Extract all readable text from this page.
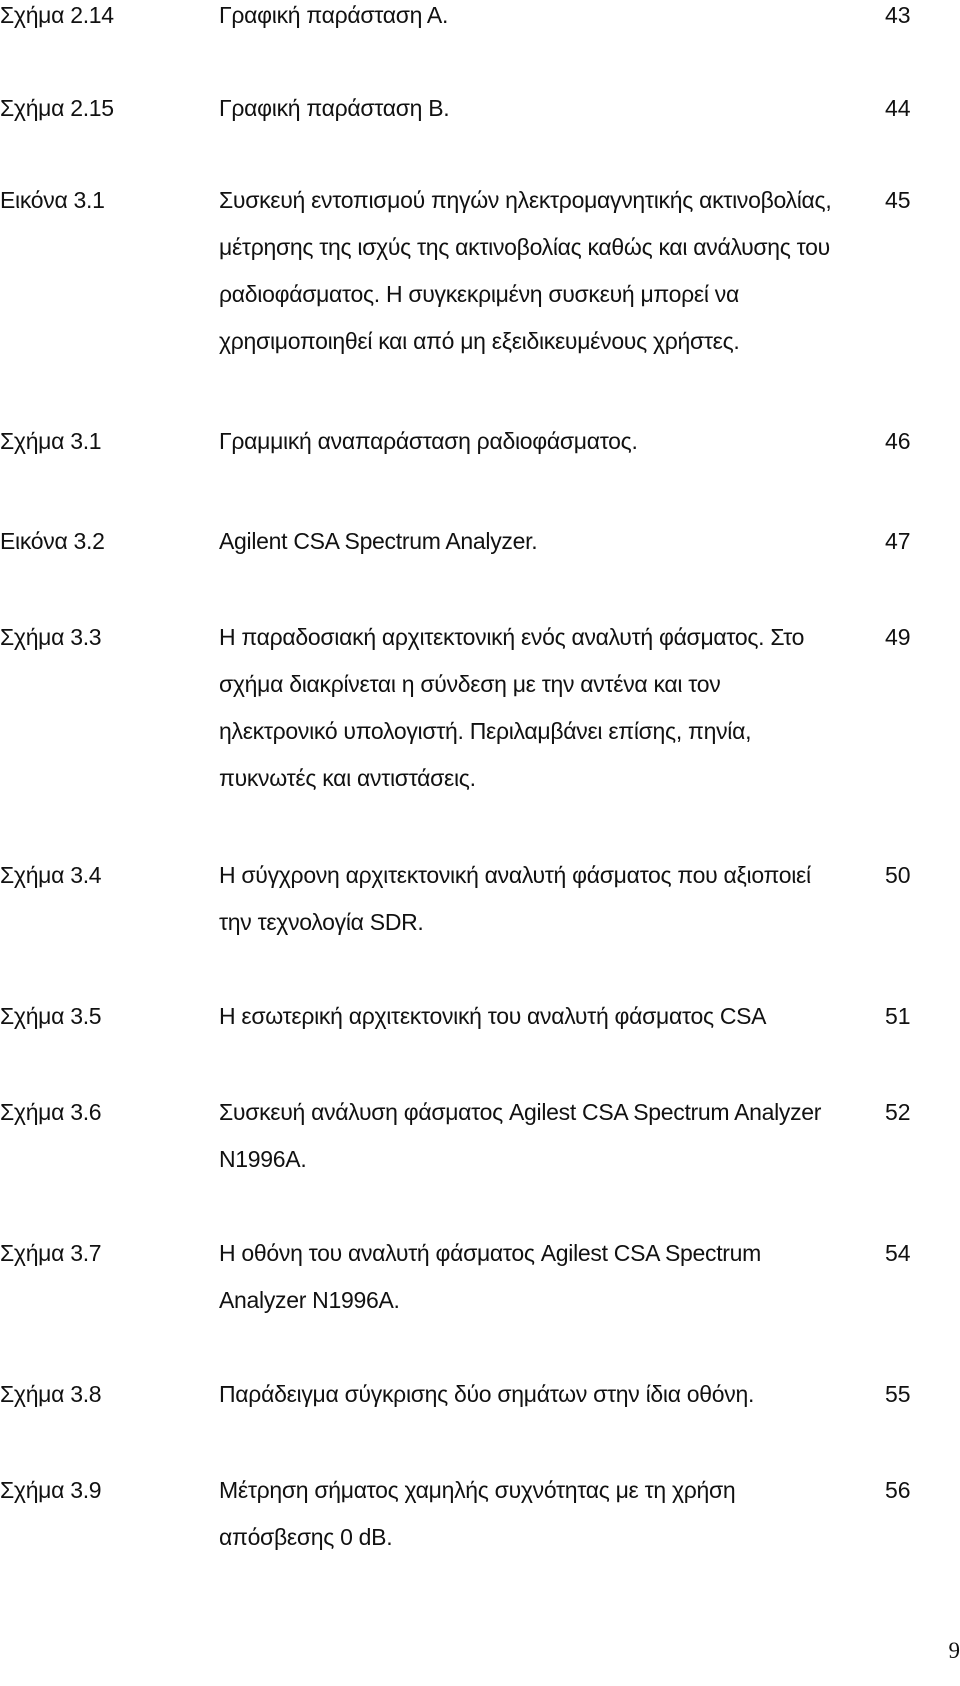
Σχήμα 2.14	Γραφική παράσταση Α.	43
Σχήμα 2.15	Γραφική παράσταση Β.	44
Εικόνα 3.1	Συσκευή εντοπισμού πηγών ηλεκτρομαγνητικής ακτινοβολίας,
μέτρησης της ισχύς της ακτινοβολίας καθώς και ανάλυσης του
ραδιοφάσματος. Η συγκεκριμένη συσκευή μπορεί να
χρησιμοποιηθεί και από μη εξειδικευμένους χρήστες.
45
Σχήμα 3.1	Γραμμική αναπαράσταση ραδιοφάσματος.	46
Εικόνα 3.2	Agilent CSA Spectrum Analyzer.	47
Σχήμα 3.3	Η παραδοσιακή αρχιτεκτονική ενός αναλυτή φάσματος. Στο
σχήμα διακρίνεται η σύνδεση με την αντένα και τον
ηλεκτρονικό υπολογιστή. Περιλαμβάνει επίσης, πηνία,
πυκνωτές και αντιστάσεις.
49
Σχήμα 3.4	Η σύγχρονη αρχιτεκτονική αναλυτή φάσματος που αξιοποιεί
την τεχνολογία SDR.
50
Σχήμα 3.5	Η εσωτερική αρχιτεκτονική του αναλυτή φάσματος CSA	51
Σχήμα 3.6	Συσκευή ανάλυση φάσματος Agilest CSA Spectrum Analyzer
N1996A.
52
Σχήμα 3.7	Η οθόνη του αναλυτή φάσματος Agilest CSA Spectrum
Analyzer N1996A.
54
Σχήμα 3.8	Παράδειγμα σύγκρισης δύο σημάτων στην ίδια οθόνη.	55
Σχήμα 3.9	Μέτρηση σήματος χαμηλής συχνότητας με τη χρήση
απόσβεσης 0 dB.
56
9
